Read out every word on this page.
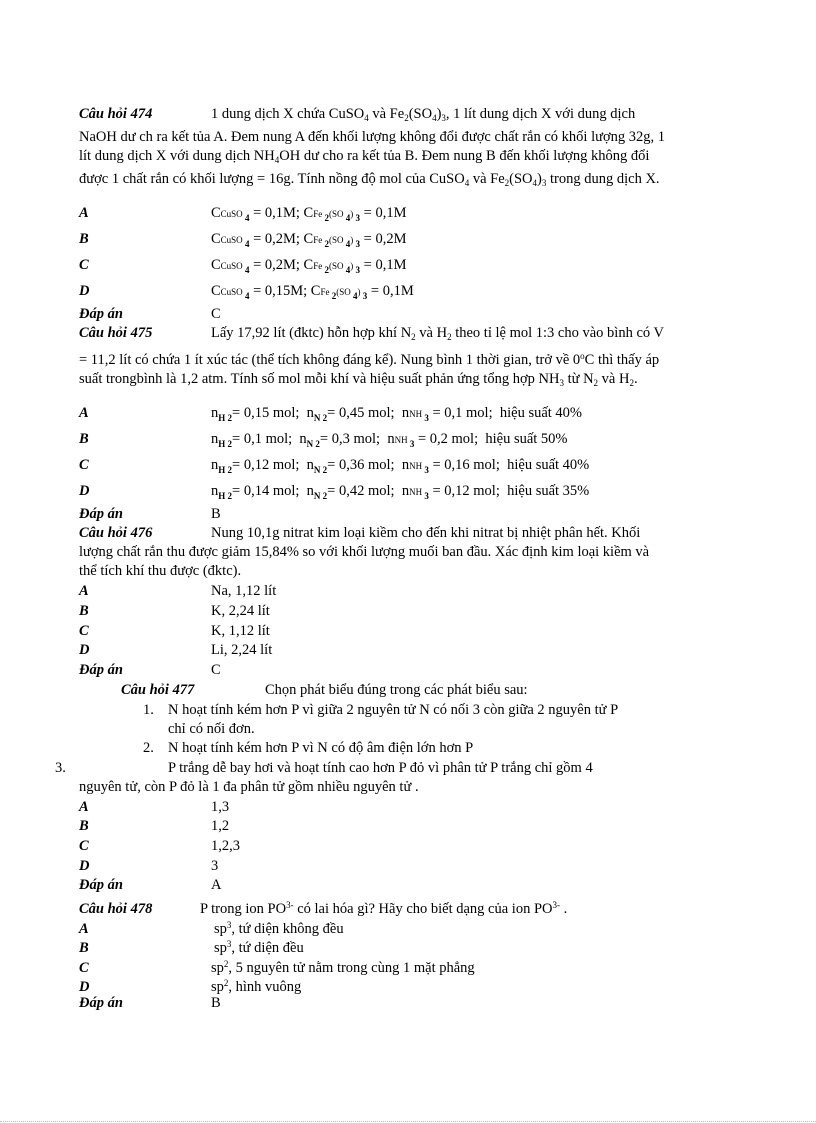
Câu hỏi 474	1 dung dịch X chứa CuSO$_4$ và $Fe_2(SO_4)_3$, 1 lít dung dịch X với dung dịch NaOH dư ch ra kết tủa A. Đem nung A đến khối lượng không đổi được chất rắn có khối lượng 32g, 1 lít dung dịch X với dung dịch $NH_4OH$ dư cho ra kết tủa B. Đem nung B đến khối lượng không đổi được 1 chất rắn có khối lượng = 16g. Tính nồng độ mol của CuSO$_4$ và $Fe_2(SO_4)_3$ trong dung dịch X.
A	CCuSO $_4$ = 0,1M; CFe $_2$(SO $_4$) $_3$ = 0,1M
B	CCuSO $_4$ = 0,2M; CFe $_2$(SO $_4$) $_3$ = 0,2M
C	CCuSO $_4$ = 0,2M; CFe $_2$(SO $_4$) $_3$ = 0,1M
D	CCuSO $_4$ = 0,15M; CFe $_2$(SO $_4$) $_3$ = 0,1M
Đáp án	C
Câu hỏi 475	Lấy 17,92 lít (đktc) hỗn hợp khí $N_2$ và $H_2$ theo tỉ lệ mol 1:3 cho vào bình có V = 11,2 lít có chứa 1 ít xúc tác (thể tích không đáng kể). Nung bình 1 thời gian, trở về 0$^o$C thì thấy áp suất trongbình là 1,2 atm. Tính số mol mỗi khí và hiệu suất phản ứng tổng hợp $NH_3$ từ $N_2$ và $H_2$.
A	$n_{H 2}= 0,15$ mol;  $n_{N 2}= 0,45$ mol;  nNH $_3$ = 0,1 mol;  hiệu suất 40%
B	$n_{H 2}= 0,1$ mol;  $n_{N 2}= 0,3$ mol;  nNH $_3$ = 0,2 mol;  hiệu suất 50%
C	$n_{H 2}= 0,12$ mol;  $n_{N 2}= 0,36$ mol;  nNH $_3$ = 0,16 mol;  hiệu suất 40%
D	$n_{H 2}= 0,14$ mol;  $n_{N 2}= 0,42$ mol;  nNH $_3$ = 0,12 mol;  hiệu suất 35%
Đáp án	B
Câu hỏi 476	Nung 10,1g nitrat kim loại kiềm cho đến khi nitrat bị nhiệt phân hết. Khối lượng chất rắn thu được giảm 15,84% so với khối lượng muối ban đầu. Xác định kim loại kiềm và thể tích khí thu được (đktc).
A	Na, 1,12 lít
B	K, 2,24 lít
C	K, 1,12 lít
D	Li, 2,24 lít
Đáp án	C
Câu hỏi 477	Chọn phát biểu đúng trong các phát biểu sau:
1. N hoạt tính kém hơn P vì giữa 2 nguyên tử N có nối 3 còn giữa 2 nguyên tử P
chỉ có nối đơn.
2. N hoạt tính kém hơn P vì N có độ âm điện lớn hơn P
3.	P trắng dễ bay hơi và hoạt tính cao hơn P đỏ vì phân tử P trắng chỉ gồm 4
nguyên tử, còn P đỏ là 1 đa phân tử gồm nhiều nguyên tử .
A	1,3
B	1,2
C	1,2,3
D	3
Đáp án	A
Câu hỏi 478	P trong ion $PO^{3-}$ có lai hóa gì? Hãy cho biết dạng của ion $PO^{3-}$ .
A	$sp^3$, tứ diện không đều
B	$sp^3$, tứ diện đều
C	$sp^2$, 5 nguyên tử nằm trong cùng 1 mặt phẳng
D	$sp^2$, hình vuông
Đáp án	B
